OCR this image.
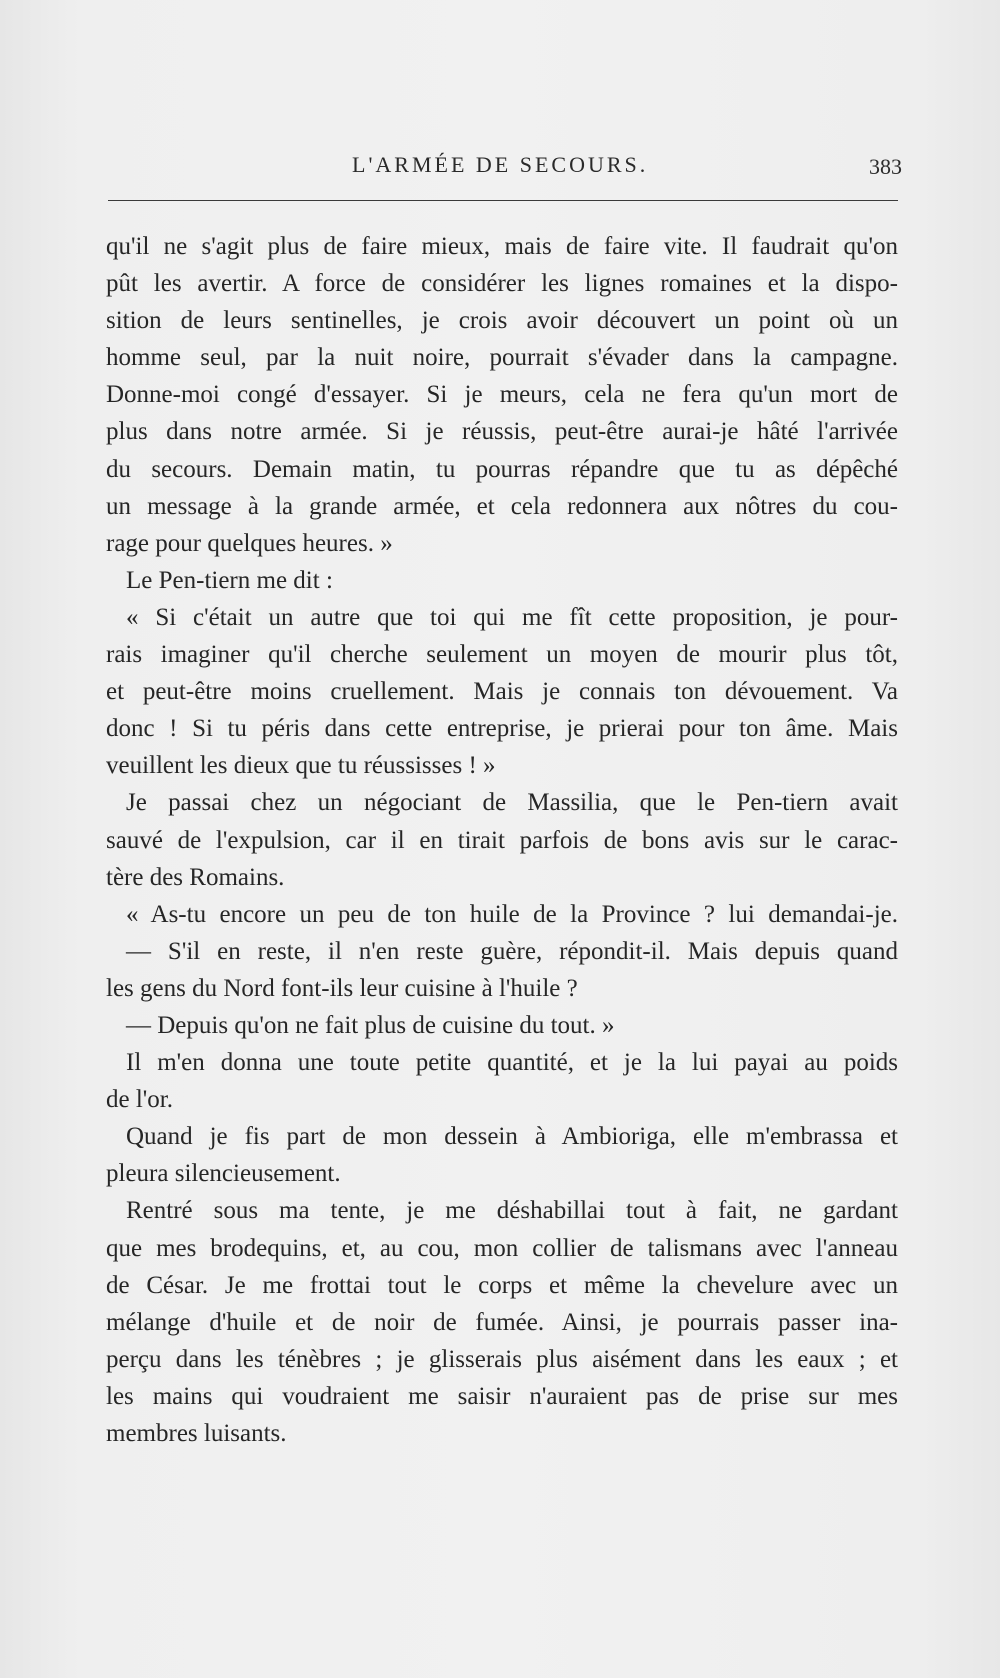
L'ARMÉE DE SECOURS.	383
qu'il ne s'agit plus de faire mieux, mais de faire vite. Il faudrait qu'on
pût les avertir. A force de considérer les lignes romaines et la dispo-
sition de leurs sentinelles, je crois avoir découvert un point où un
homme seul, par la nuit noire, pourrait s'évader dans la campagne.
Donne-moi congé d'essayer. Si je meurs, cela ne fera qu'un mort de
plus dans notre armée. Si je réussis, peut-être aurai-je hâté l'arrivée
du secours. Demain matin, tu pourras répandre que tu as dépêché
un message à la grande armée, et cela redonnera aux nôtres du cou-
rage pour quelques heures. »
Le Pen-tiern me dit :
« Si c'était un autre que toi qui me fît cette proposition, je pour-
rais imaginer qu'il cherche seulement un moyen de mourir plus tôt,
et peut-être moins cruellement. Mais je connais ton dévouement. Va
donc ! Si tu péris dans cette entreprise, je prierai pour ton âme. Mais
veuillent les dieux que tu réussisses ! »
Je passai chez un négociant de Massilia, que le Pen-tiern avait
sauvé de l'expulsion, car il en tirait parfois de bons avis sur le carac-
tère des Romains.
« As-tu encore un peu de ton huile de la Province ? lui demandai-je.
— S'il en reste, il n'en reste guère, répondit-il. Mais depuis quand
les gens du Nord font-ils leur cuisine à l'huile ?
— Depuis qu'on ne fait plus de cuisine du tout. »
Il m'en donna une toute petite quantité, et je la lui payai au poids
de l'or.
Quand je fis part de mon dessein à Ambioriga, elle m'embrassa et
pleura silencieusement.
Rentré sous ma tente, je me déshabillai tout à fait, ne gardant
que mes brodequins, et, au cou, mon collier de talismans avec l'anneau
de César. Je me frottai tout le corps et même la chevelure avec un
mélange d'huile et de noir de fumée. Ainsi, je pourrais passer ina-
perçu dans les ténèbres ; je glisserais plus aisément dans les eaux ; et
les mains qui voudraient me saisir n'auraient pas de prise sur mes
membres luisants.
